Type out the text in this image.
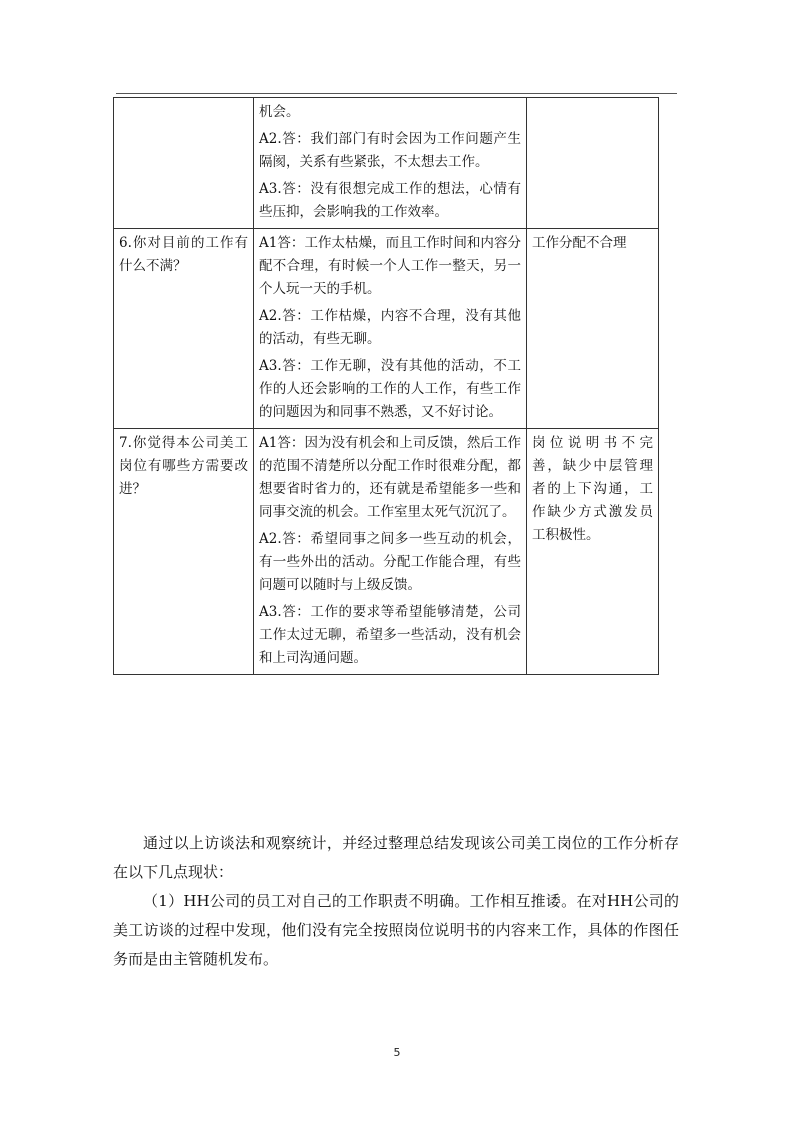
	机会。
A2.答：我们部门有时会因为工作问题产生隔阂，关系有些紧张，不太想去工作。
A3.答：没有很想完成工作的想法，心情有些压抑，会影响我的工作效率。	

6.你对目前的工作有什么不满？	A1答：工作太枯燥，而且工作时间和内容分配不合理，有时候一个人工作一整天，另一个人玩一天的手机。
A2.答：工作枯燥，内容不合理，没有其他的活动，有些无聊。
A3.答：工作无聊，没有其他的活动，不工作的人还会影响的工作的人工作，有些工作的问题因为和同事不熟悉，又不好讨论。	工作分配不合理

7.你觉得本公司美工岗位有哪些方需要改进？	A1答：因为没有机会和上司反馈，然后工作的范围不清楚所以分配工作时很难分配，都想要省时省力的，还有就是希望能多一些和同事交流的机会。工作室里太死气沉沉了。
A2.答：希望同事之间多一些互动的机会，有一些外出的活动。分配工作能合理，有些问题可以随时与上级反馈。
A3.答：工作的要求等希望能够清楚，公司工作太过无聊，希望多一些活动，没有机会和上司沟通问题。	岗位说明书不完善，缺少中层管理者的上下沟通，工作缺少方式激发员工积极性。

通过以上访谈法和观察统计，并经过整理总结发现该公司美工岗位的工作分析存在以下几点现状：

（1）HH公司的员工对自己的工作职责不明确。工作相互推诿。在对HH公司的美工访谈的过程中发现，他们没有完全按照岗位说明书的内容来工作，具体的作图任务而是由主管随机发布。

5
